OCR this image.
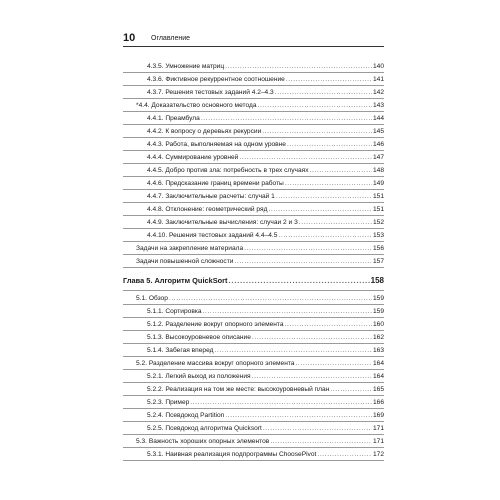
10 Оглавление
4.3.5. Умножение матриц . . .	140
4.3.6. Фиктивное рекуррентное соотношение . . .	141
4.3.7. Решения тестовых заданий 4.2–4.3 . . .	142
*4.4. Доказательство основного метода . . .	143
4.4.1. Преамбула . . .	144
4.4.2. К вопросу о деревьях рекурсии . . .	145
4.4.3. Работа, выполняемая на одном уровне . . .	146
4.4.4. Суммирование уровней . . .	147
4.4.5. Добро против зла: потребность в трех случаях . . .	148
4.4.6. Предсказание границ времени работы . . .	149
4.4.7. Заключительные расчеты: случай 1 . . .	151
4.4.8. Отклонение: геометрический ряд . . .	151
4.4.9. Заключительные вычисления: случаи 2 и 3 . . .	152
4.4.10. Решения тестовых заданий 4.4–4.5 . . .	153
Задачи на закрепление материала . . .	156
Задачи повышенной сложности . . .	157
Глава 5. Алгоритм QuickSort . . .	158
5.1. Обзор . . .	159
5.1.1. Сортировка . . .	159
5.1.2. Разделение вокруг опорного элемента . . .	160
5.1.3. Высокоуровневое описание . . .	162
5.1.4. Забегая вперед . . .	163
5.2. Разделение массива вокруг опорного элемента . . .	164
5.2.1. Легкий выход из положения . . .	164
5.2.2. Реализация на том же месте: высокоуровневый план . . .	165
5.2.3. Пример . . .	166
5.2.4. Псевдокод Partition . . .	169
5.2.5. Псевдокод алгоритма Quicksort . . .	171
5.3. Важность хороших опорных элементов . . .	171
5.3.1. Наивная реализация подпрограммы ChoosePivot . . .	172
